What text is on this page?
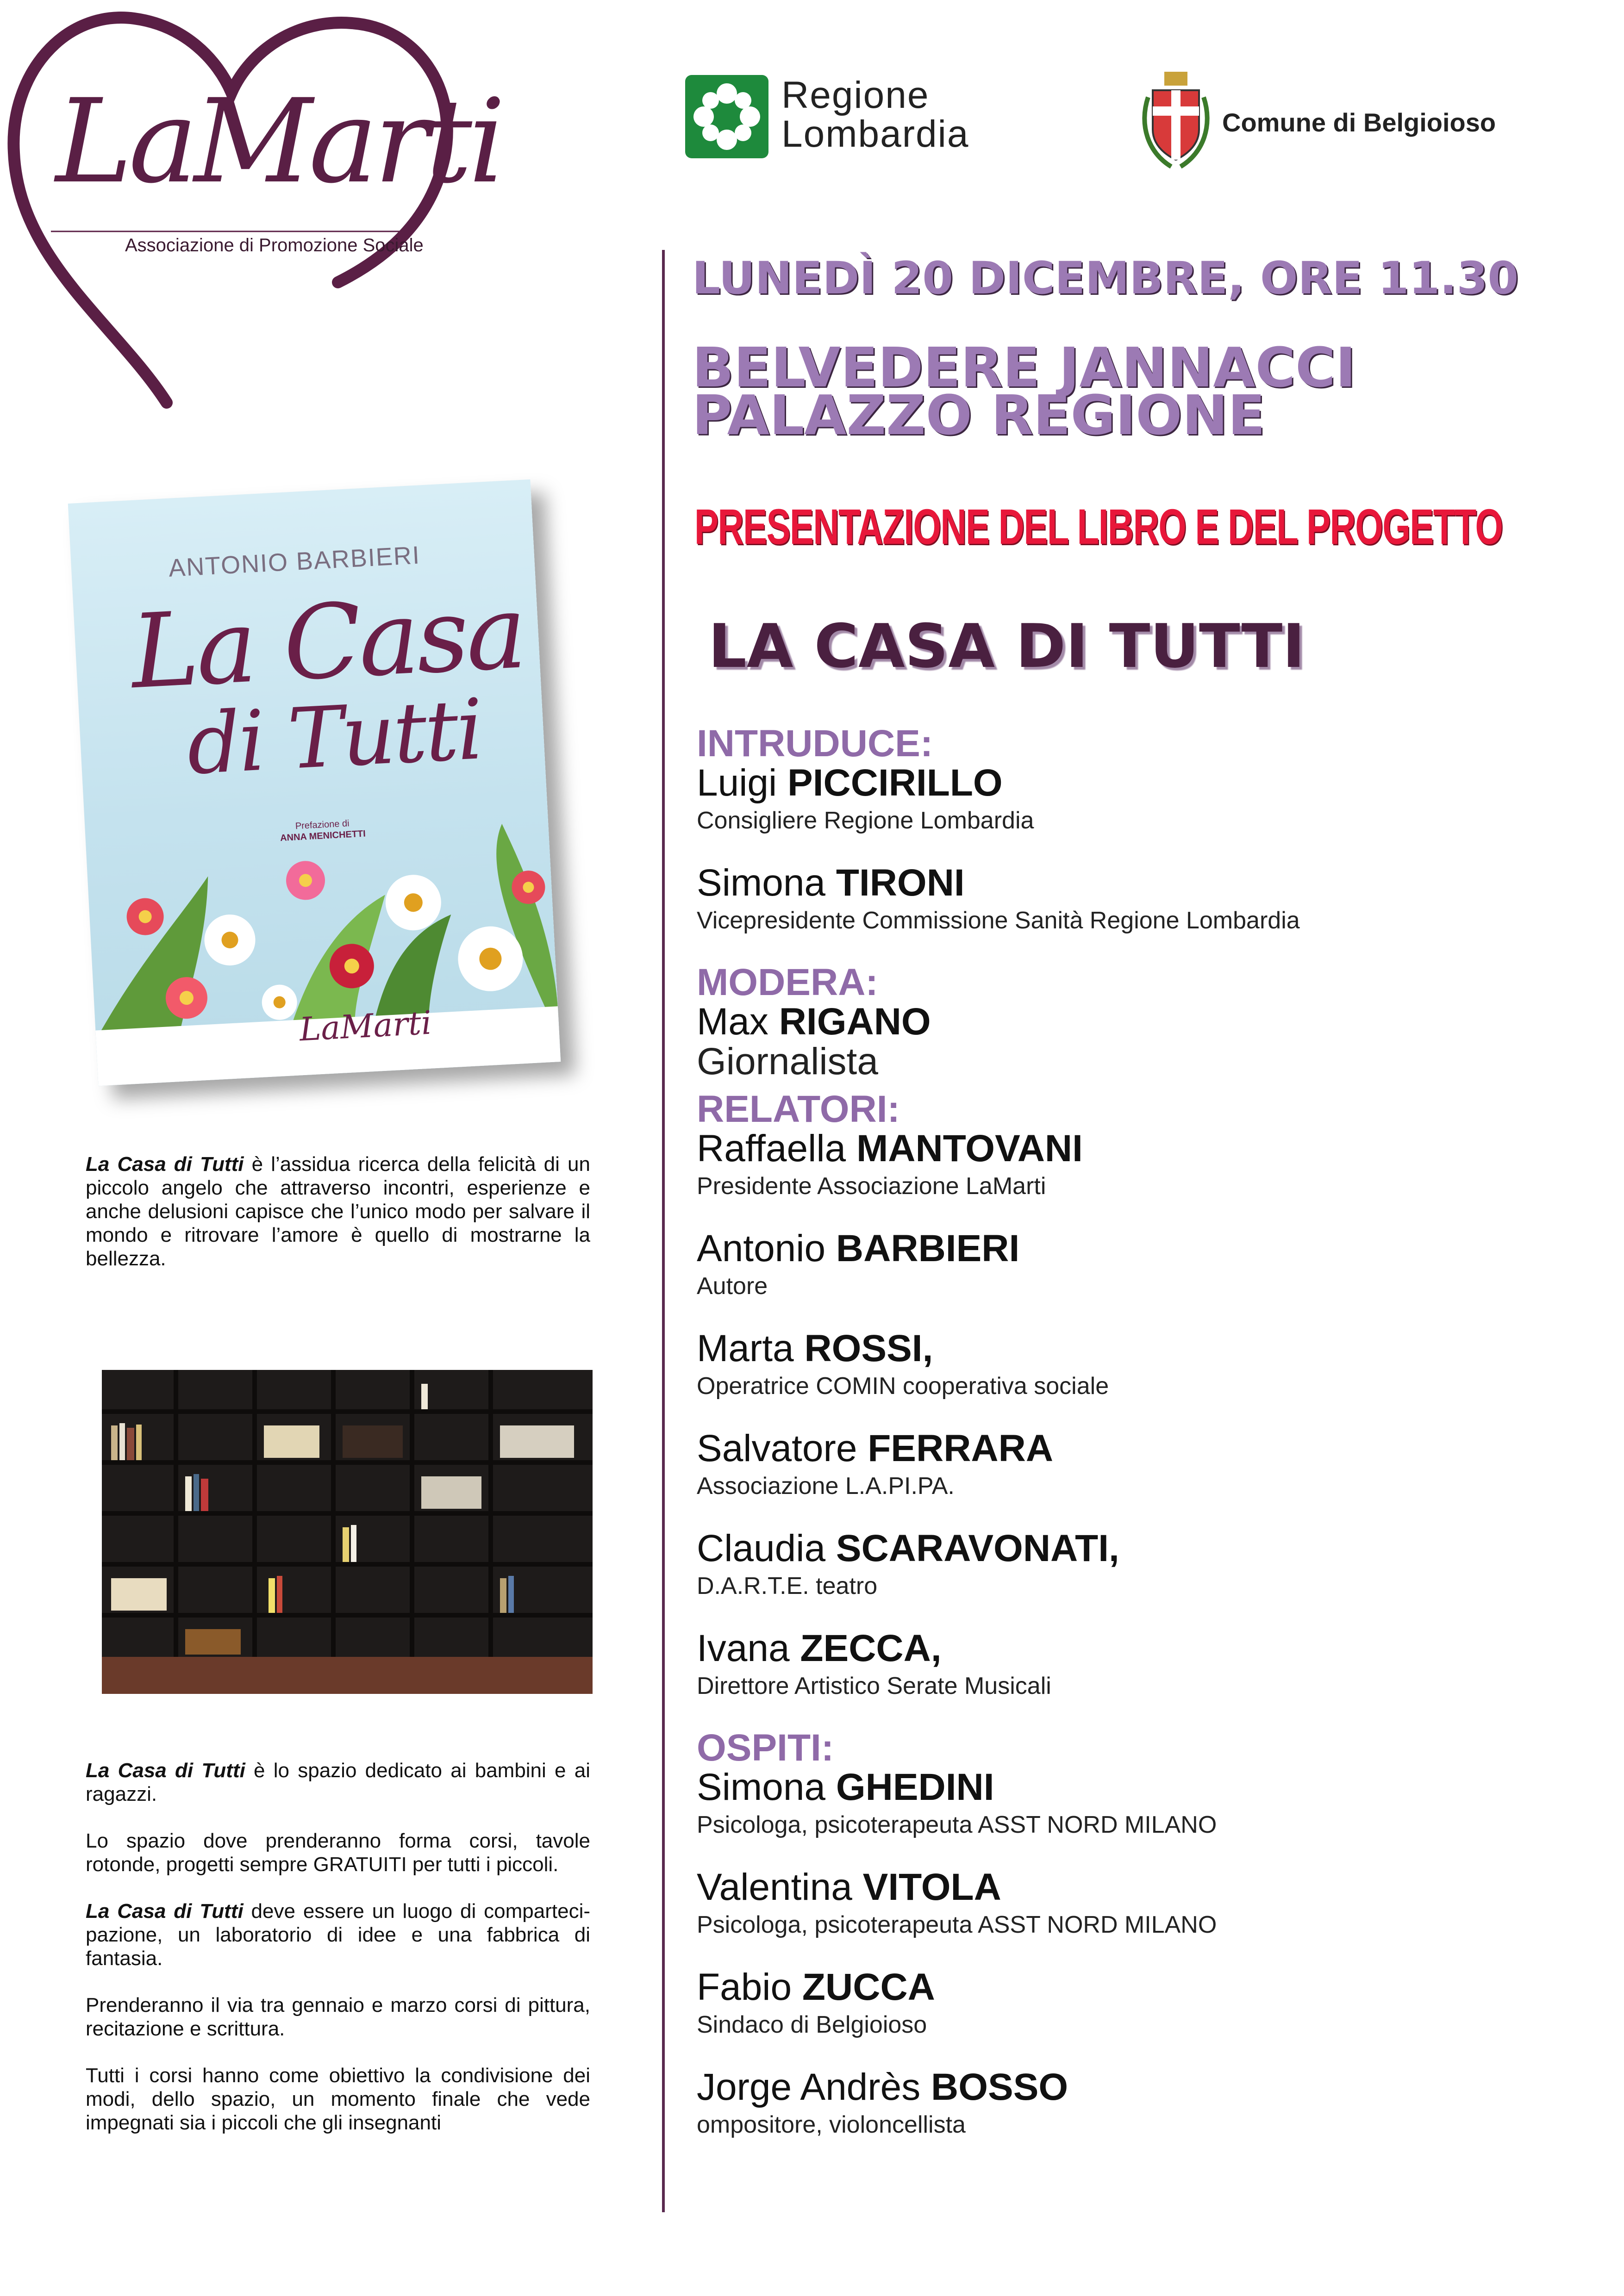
LaMarti
Associazione di Promozione Sociale
Regione
Lombardia	Comune di Belgioioso
LUNEDÌ 20 DICEMBRE, ORE 11.30
BELVEDERE JANNACCI
PALAZZO REGIONE
PRESENTAZIONE DEL LIBRO E DEL PROGETTO
LA CASA DI TUTTI
INTRUDUCE:
Luigi PICCIRILLO
Consigliere Regione Lombardia
Simona TIRONI
Vicepresidente Commissione Sanità Regione Lombardia
MODERA:
Max RIGANO
Giornalista
RELATORI:
Raffaella MANTOVANI
Presidente Associazione LaMarti
Antonio BARBIERI
Autore
Marta ROSSI,
Operatrice COMIN cooperativa sociale
Salvatore FERRARA
Associazione L.A.PI.PA.
Claudia SCARAVONATI,
D.A.R.T.E. teatro
Ivana ZECCA,
Direttore Artistico Serate Musicali
OSPITI:
Simona GHEDINI
Psicologa, psicoterapeuta ASST NORD MILANO
Valentina VITOLA
Psicologa, psicoterapeuta ASST NORD MILANO
Fabio ZUCCA
Sindaco di Belgioioso
Jorge Andrès BOSSO
ompositore, violoncellista
ANTONIO BARBIERI
La Casa
di Tutti
Prefazione di
ANNA MENICHETTI
LaMarti
La Casa di Tutti è l’assidua ricerca della felicità di un piccolo angelo che attraverso incontri, esperienze e anche delusioni capisce che l’unico modo per salvare il mondo e ritrovare l’amore è quello di mostrarne la bellezza.

La Casa di Tutti è lo spazio dedicato ai bambini e ai ragazzi.

Lo spazio dove prenderanno forma corsi, tavole rotonde, progetti sempre GRATUITI per tutti i piccoli.

La Casa di Tutti deve essere un luogo di comparteci-pazione, un laboratorio di idee e una fabbrica di fantasia.

Prenderanno il via tra gennaio e marzo corsi di pittura, recitazione e scrittura.

Tutti i corsi hanno come obiettivo la condivisione dei modi, dello spazio, un momento finale che vede impegnati sia i piccoli che gli insegnanti
